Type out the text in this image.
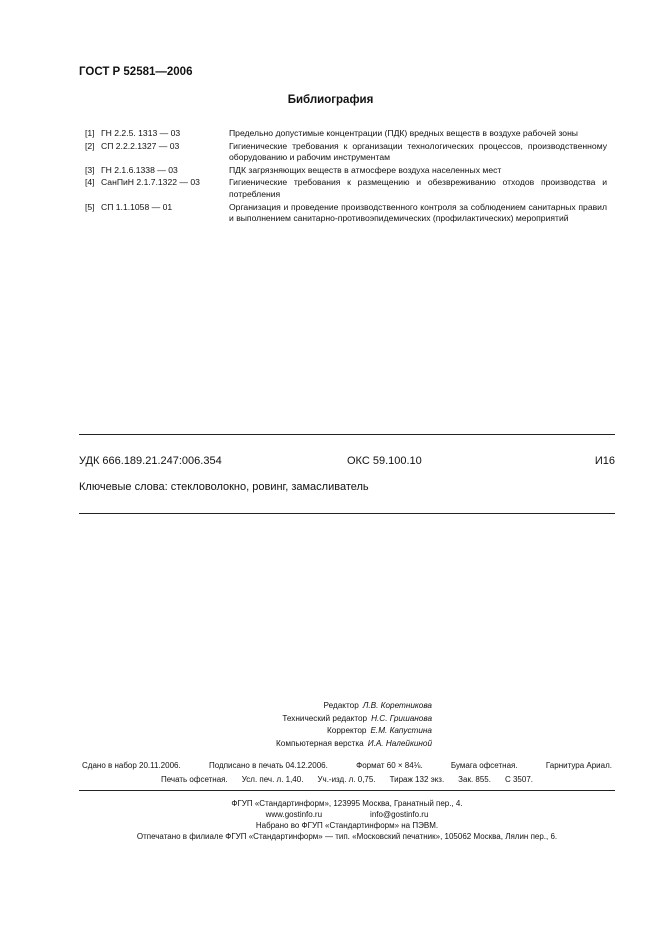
ГОСТ Р 52581—2006
Библиография
[1] ГН 2.2.5. 1313 — 03	Предельно допустимые концентрации (ПДК) вредных веществ в воздухе рабочей зоны
[2] СП 2.2.2.1327 — 03	Гигиенические требования к организации технологических процессов, производственному оборудованию и рабочим инструментам
[3] ГН 2.1.6.1338 — 03	ПДК загрязняющих веществ в атмосфере воздуха населенных мест
[4] СанПиН 2.1.7.1322 — 03	Гигиенические требования к размещению и обезвреживанию отходов производства и потребления
[5] СП 1.1.1058 — 01	Организация и проведение производственного контроля за соблюдением санитарных правил и выполнением санитарно-противоэпидемических (профилактических) мероприятий
УДК 666.189.21.247:006.354	ОКС 59.100.10	И16
Ключевые слова: стекловолокно, ровинг, замасливатель
Редактор Л.В. Коретникова
Технический редактор Н.С. Гришанова
Корректор Е.М. Капустина
Компьютерная верстка И.А. Налейкиной
Сдано в набор 20.11.2006.	Подписано в печать 04.12.2006.	Формат 60 × 84⅛.	Бумага офсетная.	Гарнитура Ариал.
Печать офсетная. Усл. печ. л. 1,40. Уч.-изд. л. 0,75. Тираж 132 экз. Зак. 855. С 3507.
ФГУП «Стандартинформ», 123995 Москва, Гранатный пер., 4.
www.gostinfo.ru	info@gostinfo.ru
Набрано во ФГУП «Стандартинформ» на ПЭВМ.
Отпечатано в филиале ФГУП «Стандартинформ» — тип. «Московский печатник», 105062 Москва, Лялин пер., 6.
